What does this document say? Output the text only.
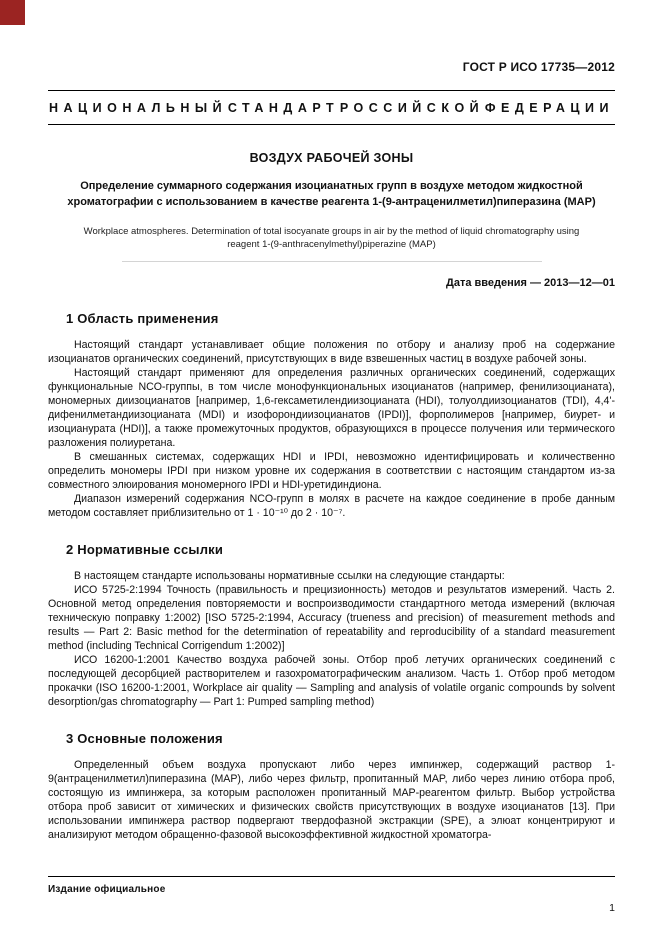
ГОСТ Р ИСО 17735—2012
НАЦИОНАЛЬНЫЙ СТАНДАРТ РОССИЙСКОЙ ФЕДЕРАЦИИ
ВОЗДУХ РАБОЧЕЙ ЗОНЫ
Определение суммарного содержания изоцианатных групп в воздухе методом жидкостной хроматографии с использованием в качестве реагента 1-(9-антраценилметил)пиперазина (MAP)
Workplace atmospheres. Determination of total isocyanate groups in air by the method of liquid chromatography using reagent 1-(9-anthracenylmethyl)piperazine (MAP)
Дата введения — 2013—12—01
1 Область применения

Настоящий стандарт устанавливает общие положения по отбору и анализу проб на содержание изоцианатов органических соединений, присутствующих в виде взвешенных частиц в воздухе рабочей зоны.

Настоящий стандарт применяют для определения различных органических соединений, содержащих функциональные NCO-группы, в том числе монофункциональных изоцианатов (например, фенилизоцианата), мономерных диизоцианатов [например, 1,6-гексаметилендиизоцианата (HDI), толуолдиизоцианатов (TDI), 4,4'-дифенилметандиизоцианата (MDI) и изофорондиизоцианатов (IPDI)], форполимеров [например, биурет- и изоцианурата (HDI)], а также промежуточных продуктов, образующихся в процессе получения или термического разложения полиуретана.

В смешанных системах, содержащих HDI и IPDI, невозможно идентифицировать и количественно определить мономеры IPDI при низком уровне их содержания в соответствии с настоящим стандартом из-за совместного элюирования мономерного IPDI и HDI-уретидиндиона.

Диапазон измерений содержания NCO-групп в молях в расчете на каждое соединение в пробе данным методом составляет приблизительно от 1 · 10⁻¹⁰ до 2 · 10⁻⁷.

2 Нормативные ссылки

В настоящем стандарте использованы нормативные ссылки на следующие стандарты:

ИСО 5725-2:1994 Точность (правильность и прецизионность) методов и результатов измерений. Часть 2. Основной метод определения повторяемости и воспроизводимости стандартного метода измерений (включая техническую поправку 1:2002) [ISO 5725-2:1994, Accuracy (trueness and precision) of measurement methods and results — Part 2: Basic method for the determination of repeatability and reproducibility of a standard measurement method (including Technical Corrigendum 1:2002)]

ИСО 16200-1:2001 Качество воздуха рабочей зоны. Отбор проб летучих органических соединений с последующей десорбцией растворителем и газохроматографическим анализом. Часть 1. Отбор проб методом прокачки (ISO 16200-1:2001, Workplace air quality — Sampling and analysis of volatile organic compounds by solvent desorption/gas chromatography — Part 1: Pumped sampling method)

3 Основные положения

Определенный объем воздуха пропускают либо через импинжер, содержащий раствор 1-9(антраценилметил)пиперазина (MAP), либо через фильтр, пропитанный MAP, либо через линию отбора проб, состоящую из импинжера, за которым расположен пропитанный MAP-реагентом фильтр. Выбор устройства отбора проб зависит от химических и физических свойств присутствующих в воздухе изоцианатов [13]. При использовании импинжера раствор подвергают твердофазной экстракции (SPE), а элюат концентрируют и анализируют методом обращенно-фазовой высокоэффективной жидкостной хроматогра-

Издание официальное
1
